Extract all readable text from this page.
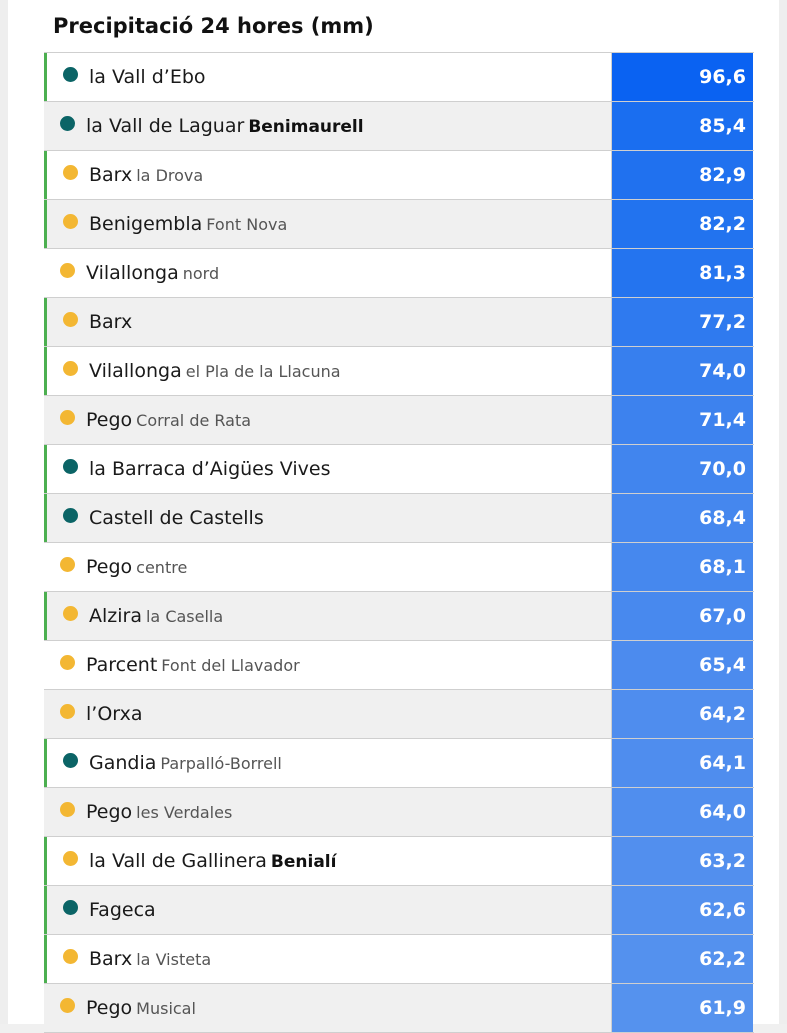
Precipitació 24 hores (mm)
la Vall d’Ebo	96,6
la Vall de Laguar Benimaurell	85,4
Barx la Drova	82,9
Benigembla Font Nova	82,2
Vilallonga nord	81,3
Barx	77,2
Vilallonga el Pla de la Llacuna	74,0
Pego Corral de Rata	71,4
la Barraca d’Aigües Vives	70,0
Castell de Castells	68,4
Pego centre	68,1
Alzira la Casella	67,0
Parcent Font del Llavador	65,4
l’Orxa	64,2
Gandia Parpalló-Borrell	64,1
Pego les Verdales	64,0
la Vall de Gallinera Benialí	63,2
Fageca	62,6
Barx la Visteta	62,2
Pego Musical	61,9
